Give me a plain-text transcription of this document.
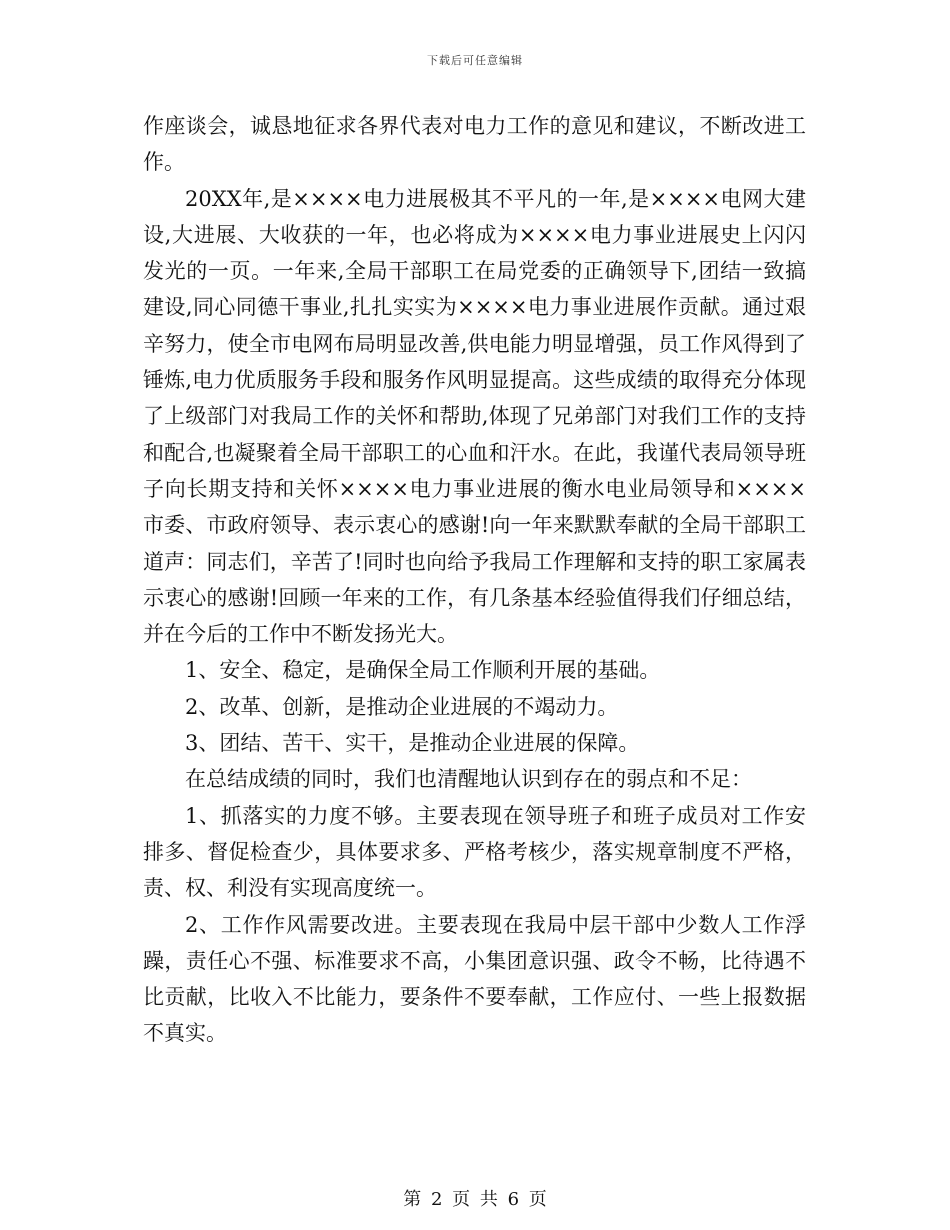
下载后可任意编辑

作座谈会，诚恳地征求各界代表对电力工作的意见和建议，不断改进工作。

20XX年,是××××电力进展极其不平凡的一年,是××××电网大建设,大进展、大收获的一年，也必将成为××××电力事业进展史上闪闪发光的一页。一年来,全局干部职工在局党委的正确领导下,团结一致搞建设,同心同德干事业,扎扎实实为××××电力事业进展作贡献。通过艰辛努力，使全市电网布局明显改善,供电能力明显增强，员工作风得到了锤炼,电力优质服务手段和服务作风明显提高。这些成绩的取得充分体现了上级部门对我局工作的关怀和帮助,体现了兄弟部门对我们工作的支持和配合,也凝聚着全局干部职工的心血和汗水。在此，我谨代表局领导班子向长期支持和关怀××××电力事业进展的衡水电业局领导和××××市委、市政府领导、表示衷心的感谢!向一年来默默奉献的全局干部职工道声：同志们，辛苦了!同时也向给予我局工作理解和支持的职工家属表示衷心的感谢!回顾一年来的工作，有几条基本经验值得我们仔细总结，并在今后的工作中不断发扬光大。

1、安全、稳定，是确保全局工作顺利开展的基础。

2、改革、创新，是推动企业进展的不竭动力。

3、团结、苦干、实干，是推动企业进展的保障。

在总结成绩的同时，我们也清醒地认识到存在的弱点和不足：

1、抓落实的力度不够。主要表现在领导班子和班子成员对工作安排多、督促检查少，具体要求多、严格考核少，落实规章制度不严格，责、权、利没有实现高度统一。

2、工作作风需要改进。主要表现在我局中层干部中少数人工作浮躁，责任心不强、标准要求不高，小集团意识强、政令不畅，比待遇不比贡献，比收入不比能力，要条件不要奉献，工作应付、一些上报数据不真实。

第 2 页 共 6 页
